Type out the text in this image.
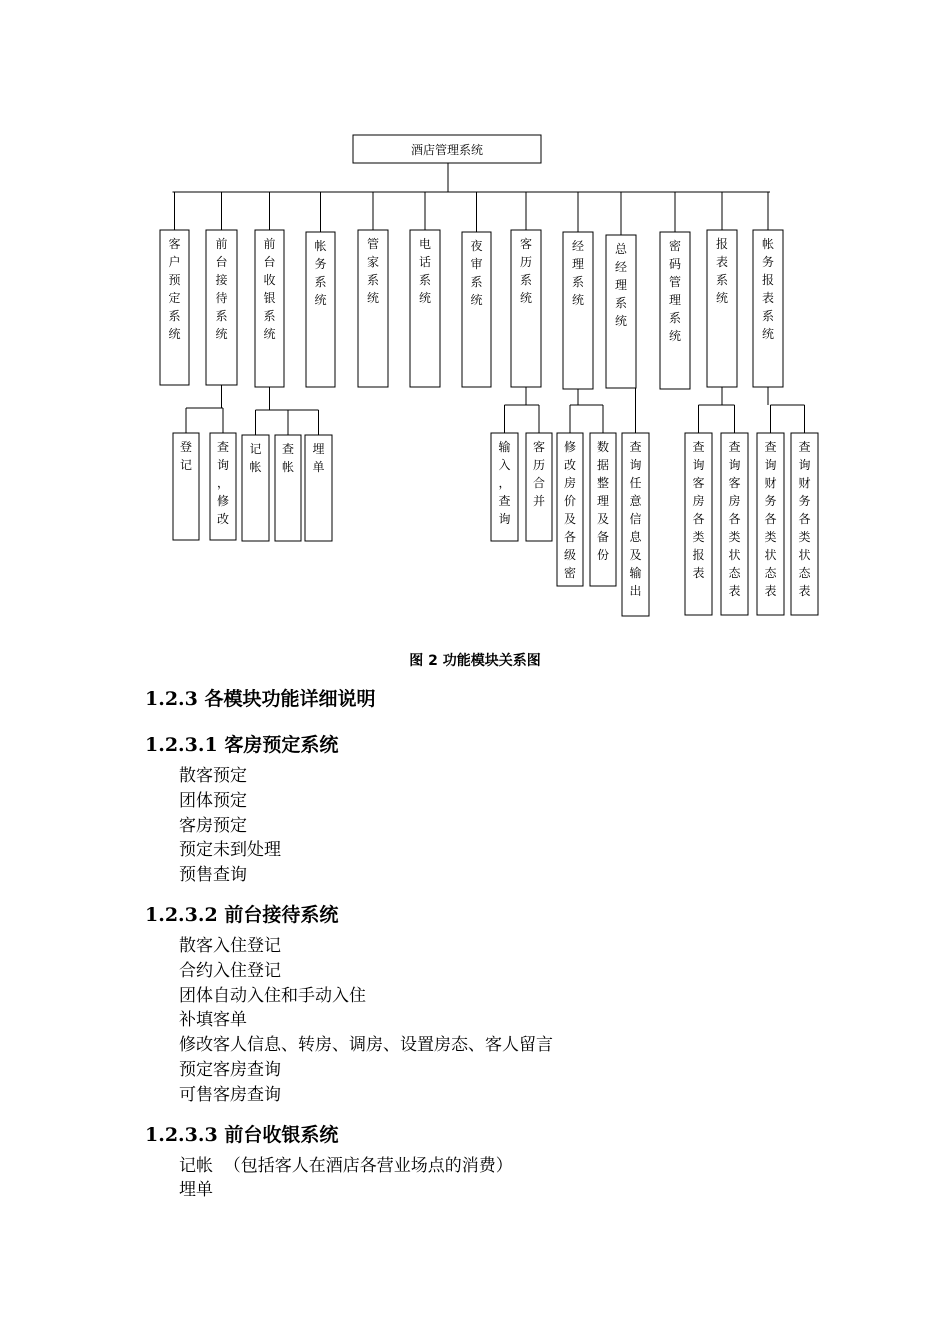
客户预定系统
前台接待系统
登记
查询，修改
前台收银系统
记帐
查帐
埋单
帐务系统
管家系统
电话系统
夜审系统
客历系统
输入，查询
客历合并
经理系统
修改房价及各级密
数据整理及备份
总经理系统
查询任意信息及输出
密码管理系统
报表系统
查询客房各类报表
查询客房各类状态表
帐务报表系统
查询财务各类状态表
查询财务各类状态表
酒店管理系统
图 2 功能模块关系图
1.2.3 各模块功能详细说明
1.2.3.1 客房预定系统
散客预定
团体预定
客房预定
预定未到处理
预售查询
1.2.3.2 前台接待系统
散客入住登记
合约入住登记
团体自动入住和手动入住
补填客单
修改客人信息、转房、调房、设置房态、客人留言
预定客房查询
可售客房查询
1.2.3.3 前台收银系统
记帐  （包括客人在酒店各营业场点的消费）
埋单
